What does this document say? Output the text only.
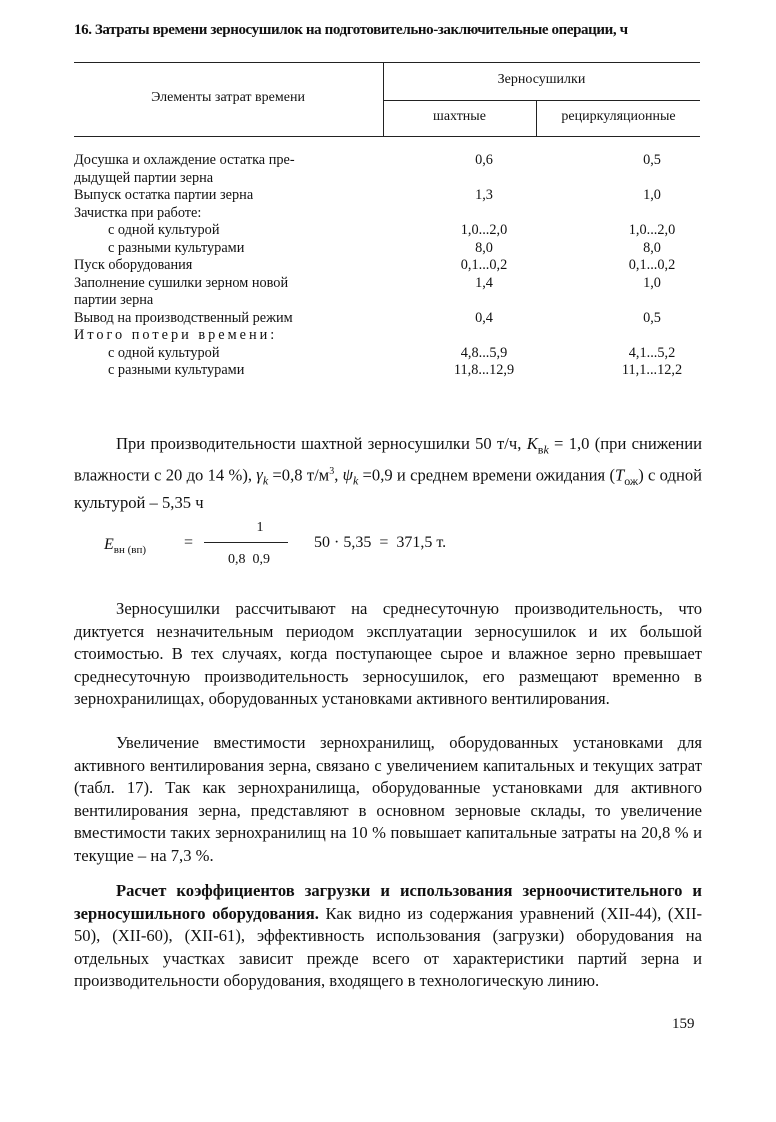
16. Затраты времени зерносушилок на подготовительно-заключительные операции, ч
Элементы затрат времени
Зерносушилки
шахтные	рециркуляционные
Досушка и охлаждение остатка пре-	0,6	0,5
дыдущей партии зерна
Выпуск остатка партии зерна	1,3	1,0
Зачистка при работе:
с одной культурой	1,0...2,0	1,0...2,0
с разными культурами	8,0	8,0
Пуск оборудования	0,1...0,2	0,1...0,2
Заполнение сушилки зерном новой	1,4	1,0
партии зерна
Вывод на производственный режим	0,4	0,5
Итого потери времени:
с одной культурой	4,8...5,9	4,1...5,2
с разными культурами	11,8...12,9	11,1...12,2
При производительности шахтной зерносушилки 50 т/ч, $K_{вk} = 1,0$ (при снижении влажности с 20 до 14 %), $\gamma_k =0,8$ $т/м^3$, $\psi_k =0,9$ и среднем времени ожидания $(T_{ож})$ с одной культурой – 5,35 ч
$E_{вн (вп)}$ =
1
0,8  0,9
50 · 5,35  =  371,5 т.
Зерносушилки рассчитывают на среднесуточную производительность, что диктуется незначительным периодом эксплуатации зерносушилок и их большой стоимостью. В тех случаях, когда поступающее сырое и влажное зерно превышает среднесуточную производительность зерносушилок, его размещают временно в зернохранилищах, оборудованных установками активного вентилирования.
Увеличение вместимости зернохранилищ, оборудованных установками для активного вентилирования зерна, связано с увеличением капитальных и текущих затрат (табл. 17). Так как зернохранилища, оборудованные установками для активного вентилирования зерна, представляют в основном зерновые склады, то увеличение вместимости таких зернохранилищ на 10 % повышает капитальные затраты на 20,8 % и текущие – на 7,3 %.
Расчет коэффициентов загрузки и использования зерноочистительного и зерносушильного оборудования. Как видно из содержания уравнений (XII-44), (XII-50), (XII-60), (XII-61), эффективность использования (загрузки) оборудования на отдельных участках зависит прежде всего от характеристики партий зерна и производительности оборудования, входящего в технологическую линию.
159
